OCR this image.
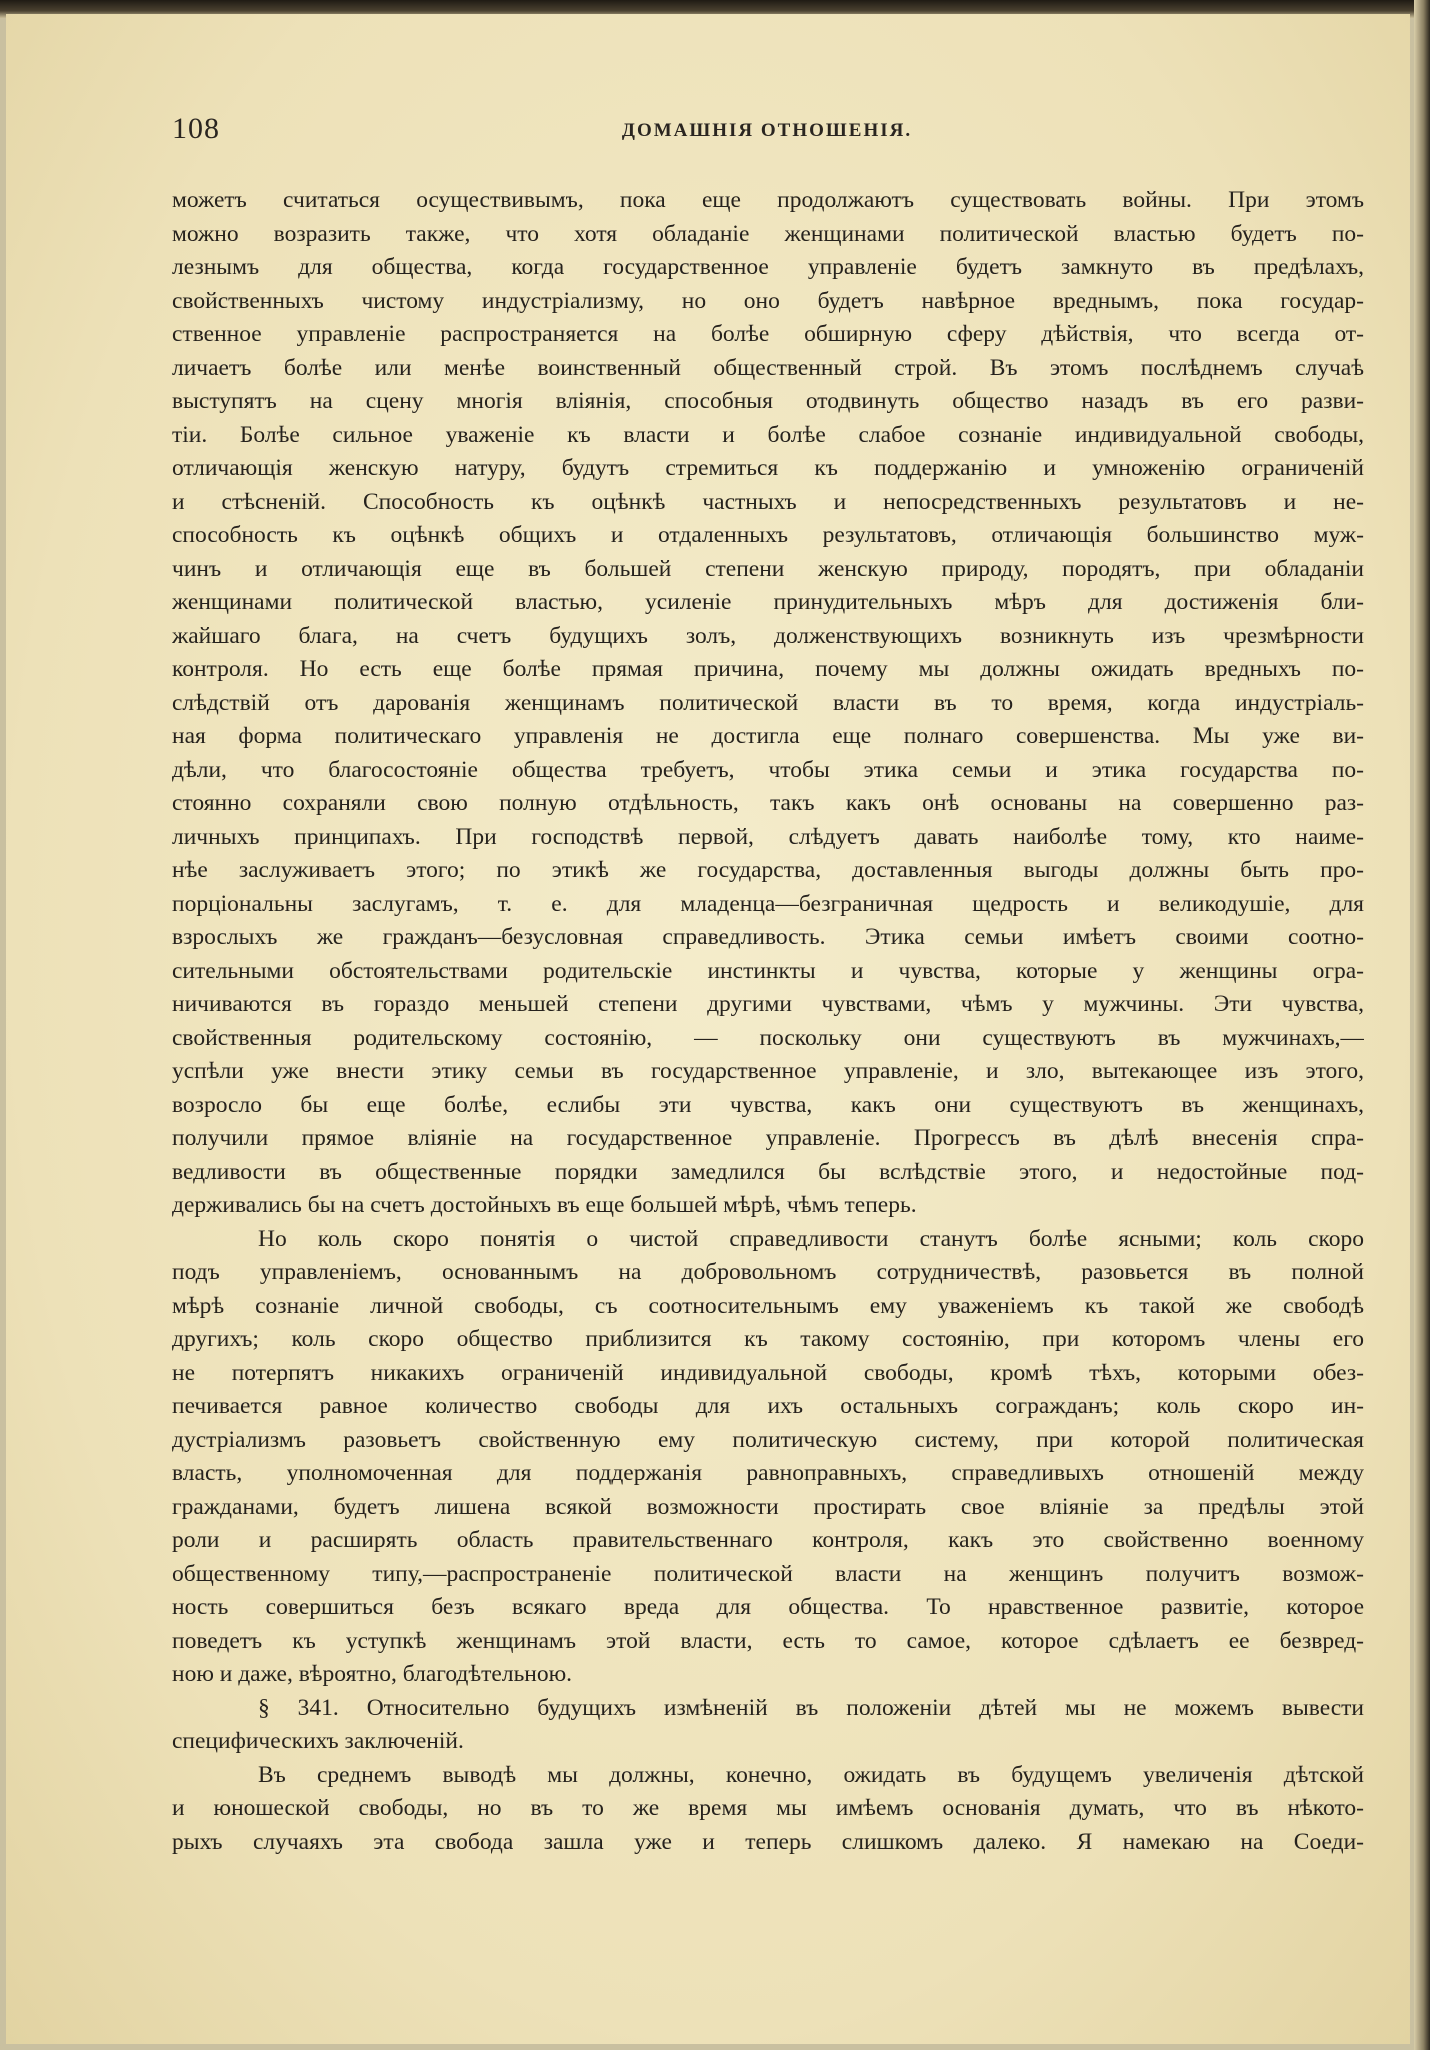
108	ДОМАШНІЯ ОТНОШЕНІЯ.
можетъ считаться осуществивымъ, пока еще продолжаютъ существовать войны. При этомъ
можно возразить также, что хотя обладаніе женщинами политической властью будетъ по-
лезнымъ для общества, когда государственное управленіе будетъ замкнуто въ предѣлахъ,
свойственныхъ чистому индустріализму, но оно будетъ навѣрное вреднымъ, пока государ-
ственное управленіе распространяется на болѣе обширную сферу дѣйствія, что всегда от-
личаетъ болѣе или менѣе воинственный общественный строй. Въ этомъ послѣднемъ случаѣ
выступятъ на сцену многія вліянія, способныя отодвинуть общество назадъ въ его разви-
тіи. Болѣе сильное уваженіе къ власти и болѣе слабое сознаніе индивидуальной свободы,
отличающія женскую натуру, будутъ стремиться къ поддержанію и умноженію ограниченій
и стѣсненій. Способность къ оцѣнкѣ частныхъ и непосредственныхъ результатовъ и не-
способность къ оцѣнкѣ общихъ и отдаленныхъ результатовъ, отличающія большинство муж-
чинъ и отличающія еще въ большей степени женскую природу, породятъ, при обладаніи
женщинами политической властью, усиленіе принудительныхъ мѣръ для достиженія бли-
жайшаго блага, на счетъ будущихъ золъ, долженствующихъ возникнуть изъ чрезмѣрности
контроля. Но есть еще болѣе прямая причина, почему мы должны ожидать вредныхъ по-
слѣдствій отъ дарованія женщинамъ политической власти въ то время, когда индустріаль-
ная форма политическаго управленія не достигла еще полнаго совершенства. Мы уже ви-
дѣли, что благосостояніе общества требуетъ, чтобы этика семьи и этика государства по-
стоянно сохраняли свою полную отдѣльность, такъ какъ онѣ основаны на совершенно раз-
личныхъ принципахъ. При господствѣ первой, слѣдуетъ давать наиболѣе тому, кто наиме-
нѣе заслуживаетъ этого; по этикѣ же государства, доставленныя выгоды должны быть про-
порціональны заслугамъ, т. е. для младенца—безграничная щедрость и великодушіе, для
взрослыхъ же гражданъ—безусловная справедливость. Этика семьи имѣетъ своими соотно-
сительными обстоятельствами родительскіе инстинкты и чувства, которые у женщины огра-
ничиваются въ гораздо меньшей степени другими чувствами, чѣмъ у мужчины. Эти чувства,
свойственныя родительскому состоянію, — поскольку они существуютъ въ мужчинахъ,—
успѣли уже внести этику семьи въ государственное управленіе, и зло, вытекающее изъ этого,
возросло бы еще болѣе, еслибы эти чувства, какъ они существуютъ въ женщинахъ,
получили прямое вліяніе на государственное управленіе. Прогрессъ въ дѣлѣ внесенія спра-
ведливости въ общественные порядки замедлился бы вслѣдствіе этого, и недостойные под-
держивались бы на счетъ достойныхъ въ еще большей мѣрѣ, чѣмъ теперь.
Но коль скоро понятія о чистой справедливости станутъ болѣе ясными; коль скоро
подъ управленіемъ, основаннымъ на добровольномъ сотрудничествѣ, разовьется въ полной
мѣрѣ сознаніе личной свободы, съ соотносительнымъ ему уваженіемъ къ такой же свободѣ
другихъ; коль скоро общество приблизится къ такому состоянію, при которомъ члены его
не потерпятъ никакихъ ограниченій индивидуальной свободы, кромѣ тѣхъ, которыми обез-
печивается равное количество свободы для ихъ остальныхъ согражданъ; коль скоро ин-
дустріализмъ разовьетъ свойственную ему политическую систему, при которой политическая
власть, уполномоченная для поддержанія равноправныхъ, справедливыхъ отношеній между
гражданами, будетъ лишена всякой возможности простирать свое вліяніе за предѣлы этой
роли и расширять область правительственнаго контроля, какъ это свойственно военному
общественному типу,—распространеніе политической власти на женщинъ получитъ возмож-
ность совершиться безъ всякаго вреда для общества. То нравственное развитіе, которое
поведетъ къ уступкѣ женщинамъ этой власти, есть то самое, которое сдѣлаетъ ее безвред-
ною и даже, вѣроятно, благодѣтельною.
§ 341. Относительно будущихъ измѣненій въ положеніи дѣтей мы не можемъ вывести
специфическихъ заключеній.
Въ среднемъ выводѣ мы должны, конечно, ожидать въ будущемъ увеличенія дѣтской
и юношеской свободы, но въ то же время мы имѣемъ основанія думать, что въ нѣкото-
рыхъ случаяхъ эта свобода зашла уже и теперь слишкомъ далеко. Я намекаю на Соеди-
